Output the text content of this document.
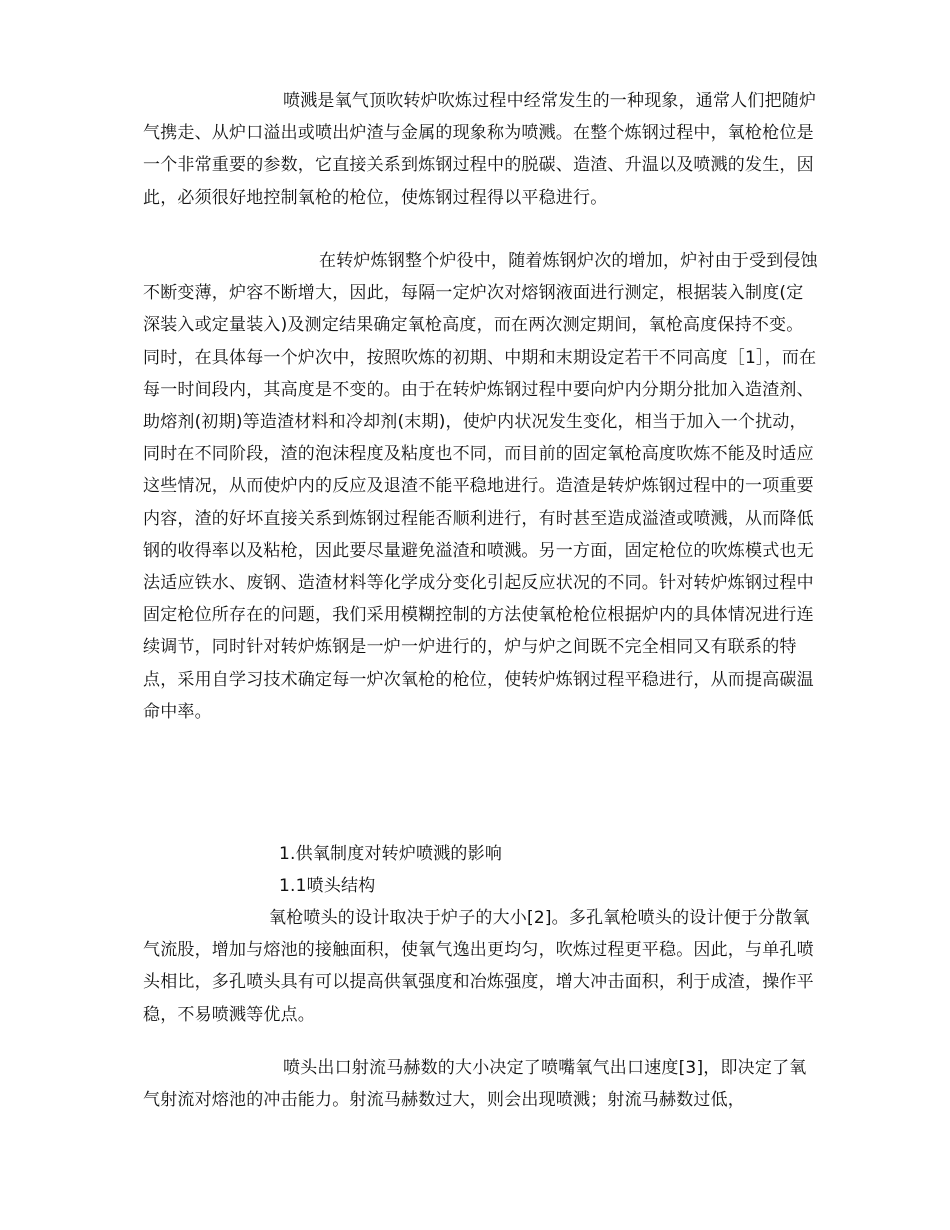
喷溅是氧气顶吹转炉吹炼过程中经常发生的一种现象，通常人们把随炉气携走、从炉口溢出或喷出炉渣与金属的现象称为喷溅。在整个炼钢过程中，氧枪枪位是一个非常重要的参数，它直接关系到炼钢过程中的脱碳、造渣、升温以及喷溅的发生，因此，必须很好地控制氧枪的枪位，使炼钢过程得以平稳进行。

在转炉炼钢整个炉役中，随着炼钢炉次的增加，炉衬由于受到侵蚀不断变薄，炉容不断增大，因此，每隔一定炉次对熔钢液面进行测定，根据装入制度(定深装入或定量装入)及测定结果确定氧枪高度，而在两次测定期间，氧枪高度保持不变。同时，在具体每一个炉次中，按照吹炼的初期、中期和末期设定若干不同高度［1］，而在每一时间段内，其高度是不变的。由于在转炉炼钢过程中要向炉内分期分批加入造渣剂、助熔剂(初期)等造渣材料和冷却剂(末期)，使炉内状况发生变化，相当于加入一个扰动，同时在不同阶段，渣的泡沫程度及粘度也不同，而目前的固定氧枪高度吹炼不能及时适应这些情况，从而使炉内的反应及退渣不能平稳地进行。造渣是转炉炼钢过程中的一项重要内容，渣的好坏直接关系到炼钢过程能否顺利进行，有时甚至造成溢渣或喷溅，从而降低钢的收得率以及粘枪，因此要尽量避免溢渣和喷溅。另一方面，固定枪位的吹炼模式也无法适应铁水、废钢、造渣材料等化学成分变化引起反应状况的不同。针对转炉炼钢过程中固定枪位所存在的问题，我们采用模糊控制的方法使氧枪枪位根据炉内的具体情况进行连续调节，同时针对转炉炼钢是一炉一炉进行的，炉与炉之间既不完全相同又有联系的特点，采用自学习技术确定每一炉次氧枪的枪位，使转炉炼钢过程平稳进行，从而提高碳温命中率。

1.供氧制度对转炉喷溅的影响

1.1喷头结构

氧枪喷头的设计取决于炉子的大小[2]。多孔氧枪喷头的设计便于分散氧气流股，增加与熔池的接触面积，使氧气逸出更均匀，吹炼过程更平稳。因此，与单孔喷头相比，多孔喷头具有可以提高供氧强度和冶炼强度，增大冲击面积，利于成渣，操作平稳，不易喷溅等优点。

喷头出口射流马赫数的大小决定了喷嘴氧气出口速度[3]，即决定了氧气射流对熔池的冲击能力。射流马赫数过大，则会出现喷溅；射流马赫数过低，
